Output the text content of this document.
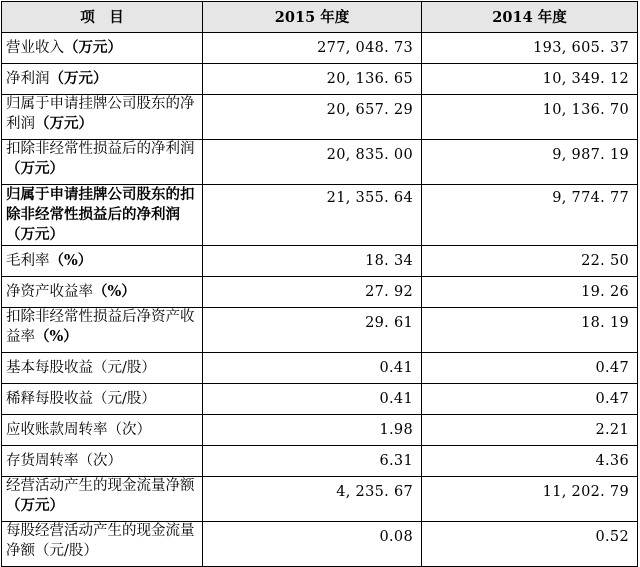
项　目	2015 年度	2014 年度
营业收入（万元）	277, 048. 73	193, 605. 37
净利润（万元）	20, 136. 65	10, 349. 12
归属于申请挂牌公司股东的净利润（万元）	20, 657. 29	10, 136. 70
扣除非经常性损益后的净利润（万元）	20, 835. 00	9, 987. 19
归属于申请挂牌公司股东的扣除非经常性损益后的净利润（万元）	21, 355. 64	9, 774. 77
毛利率（%）	18. 34	22. 50
净资产收益率（%）	27. 92	19. 26
扣除非经常性损益后净资产收益率（%）	29. 61	18. 19
基本每股收益（元/股）	0.41	0.47
稀释每股收益（元/股）	0.41	0.47
应收账款周转率（次）	1.98	2.21
存货周转率（次）	6.31	4.36
经营活动产生的现金流量净额（万元）	4, 235. 67	11, 202. 79
每股经营活动产生的现金流量净额（元/股）	0.08	0.52
